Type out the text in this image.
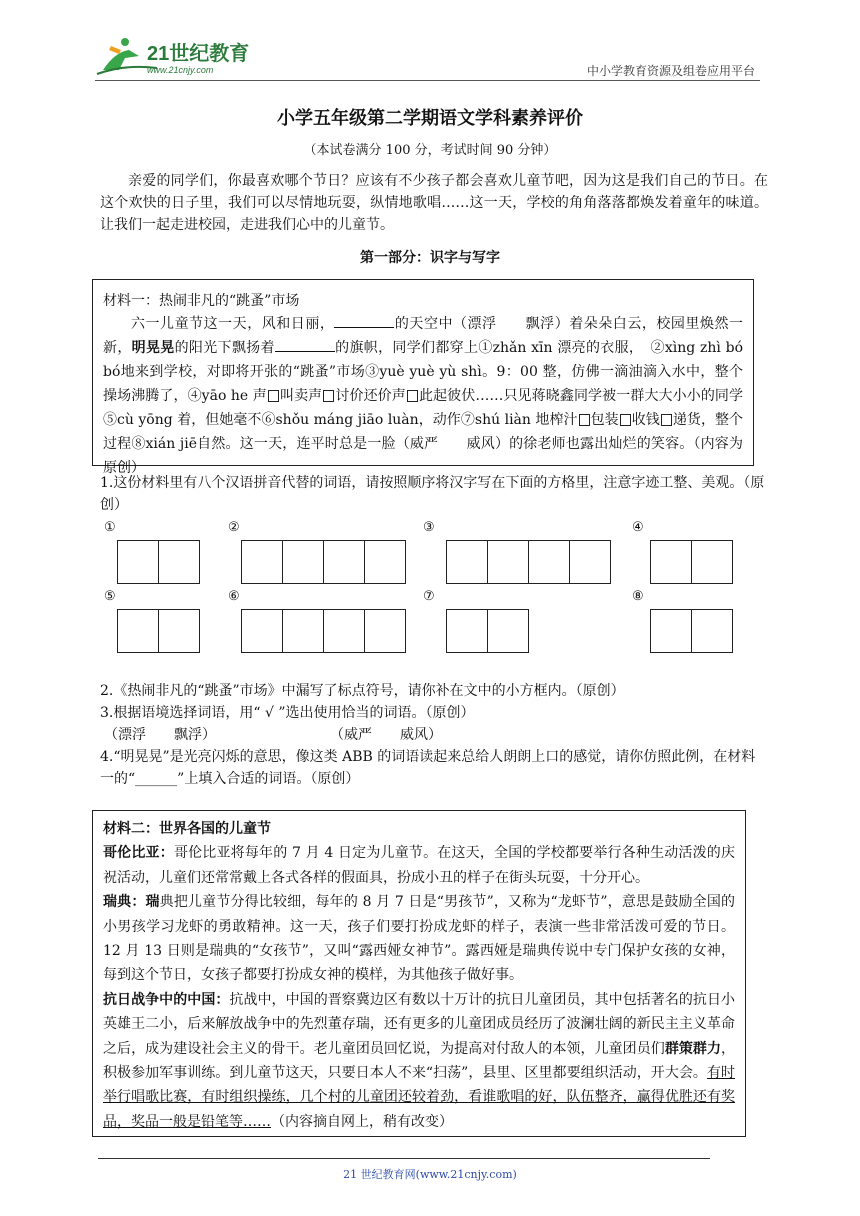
21世纪教育
www.21cnjy.com	中小学教育资源及组卷应用平台
小学五年级第二学期语文学科素养评价
（本试卷满分 100 分，考试时间 90 分钟）
亲爱的同学们，你最喜欢哪个节日？应该有不少孩子都会喜欢儿童节吧，因为这是我们自己的节日。在这个欢快的日子里，我们可以尽情地玩耍，纵情地歌唱……这一天，学校的角角落落都焕发着童年的味道。让我们一起走进校园，走进我们心中的儿童节。
第一部分：识字与写字
材料一：热闹非凡的“跳蚤”市场
六一儿童节这一天，风和日丽，	的天空中（漂浮　　飘浮）着朵朵白云，校园里焕然一新，明晃晃的阳光下飘扬着	的旗帜，同学们都穿上①zhǎn xīn 漂亮的衣服，　②xìng zhì bó bó地来到学校，对即将开张的“跳蚤”市场③yuè yuè yù shì。9：00 整，仿佛一滴油滴入水中，整个操场沸腾了，④yāo he 声 叫卖声 讨价还价声 此起彼伏……只见蒋晓鑫同学被一群大大小小的同学⑤cù yōng 着，但她毫不⑥shǒu máng jiāo luàn，动作⑦shú liàn 地榨汁 包装 收钱 递货，整个过程⑧xián jiē自然。这一天，连平时总是一脸（威严　　威风）的徐老师也露出灿烂的笑容。（内容为原创）
1.这份材料里有八个汉语拼音代替的词语，请按照顺序将汉字写在下面的方格里，注意字迹工整、美观。（原创）
①	②	③	④
⑤	⑥	⑦	⑧
2.《热闹非凡的“跳蚤”市场》中漏写了标点符号，请你补在文中的小方框内。（原创）
3.根据语境选择词语，用“ √ ”选出使用恰当的词语。（原创）
（漂浮　　飘浮）	（威严　　威风）
4.“明晃晃”是光亮闪烁的意思，像这类 ABB 的词语读起来总给人朗朗上口的感觉，请你仿照此例，在材料一的“______”上填入合适的词语。（原创）
材料二：世界各国的儿童节
哥伦比亚：哥伦比亚将每年的 7 月 4 日定为儿童节。在这天，全国的学校都要举行各种生动活泼的庆祝活动，儿童们还常常戴上各式各样的假面具，扮成小丑的样子在街头玩耍，十分开心。
瑞典：瑞典把儿童节分得比较细，每年的 8 月 7 日是“男孩节”，又称为“龙虾节”，意思是鼓励全国的小男孩学习龙虾的勇敢精神。这一天，孩子们要打扮成龙虾的样子，表演一些非常活泼可爱的节日。12 月 13 日则是瑞典的“女孩节”，又叫“露西娅女神节”。露西娅是瑞典传说中专门保护女孩的女神，每到这个节日，女孩子都要打扮成女神的模样，为其他孩子做好事。
抗日战争中的中国：抗战中，中国的晋察冀边区有数以十万计的抗日儿童团员，其中包括著名的抗日小英雄王二小，后来解放战争中的先烈董存瑞，还有更多的儿童团成员经历了波澜壮阔的新民主主义革命之后，成为建设社会主义的骨干。老儿童团员回忆说，为提高对付敌人的本领，儿童团员们群策群力，积极参加军事训练。到儿童节这天，只要日本人不来“扫荡”，县里、区里都要组织活动，开大会。有时举行唱歌比赛，有时组织操练，几个村的儿童团还较着劲，看谁歌唱的好，队伍整齐，赢得优胜还有奖品，奖品一般是铅笔等……（内容摘自网上，稍有改变）
21 世纪教育网(www.21cnjy.com)
